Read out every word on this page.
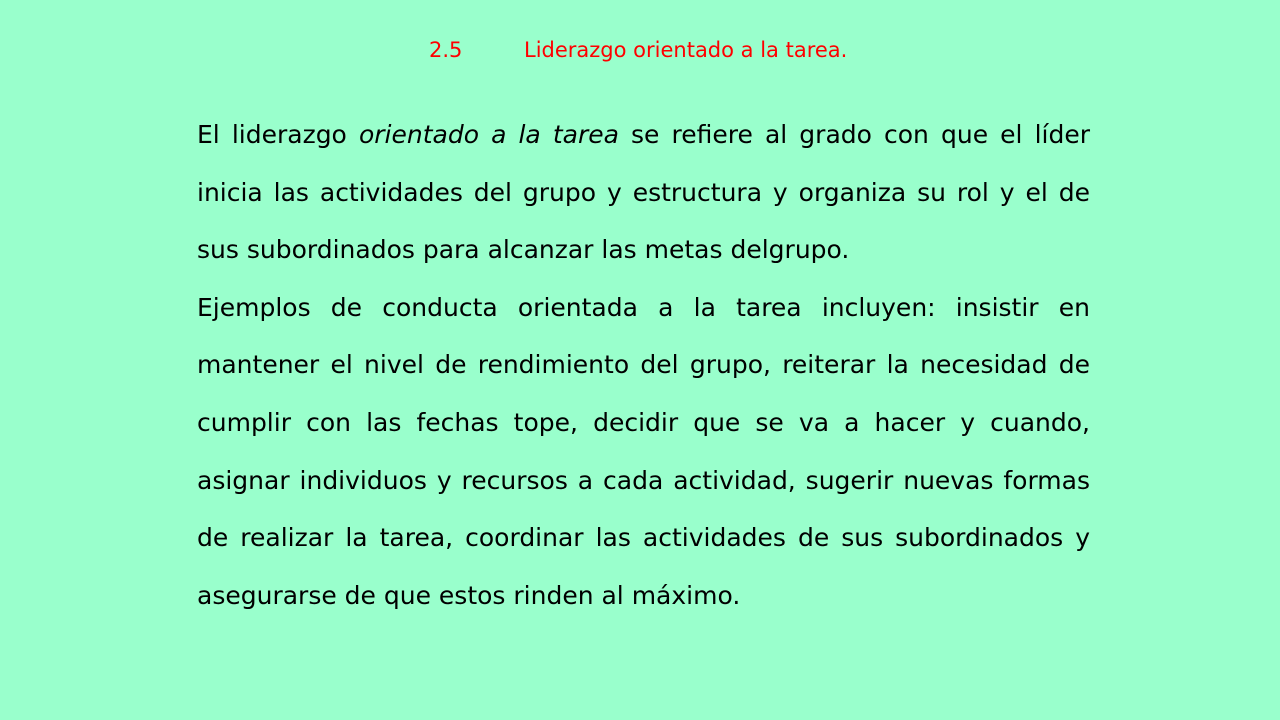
2.5	Liderazgo orientado a la tarea.

El liderazgo orientado a la tarea se refiere al grado con que el líder inicia las actividades del grupo y estructura y organiza su rol y el de sus subordinados para alcanzar las metas delgrupo.

Ejemplos de conducta orientada a la tarea incluyen: insistir en mantener el nivel de rendimiento del grupo, reiterar la necesidad de cumplir con las fechas tope, decidir que se va a hacer y cuando, asignar individuos y recursos a cada actividad, sugerir nuevas formas de realizar la tarea, coordinar las actividades de sus subordinados y asegurarse de que estos rinden al máximo.
